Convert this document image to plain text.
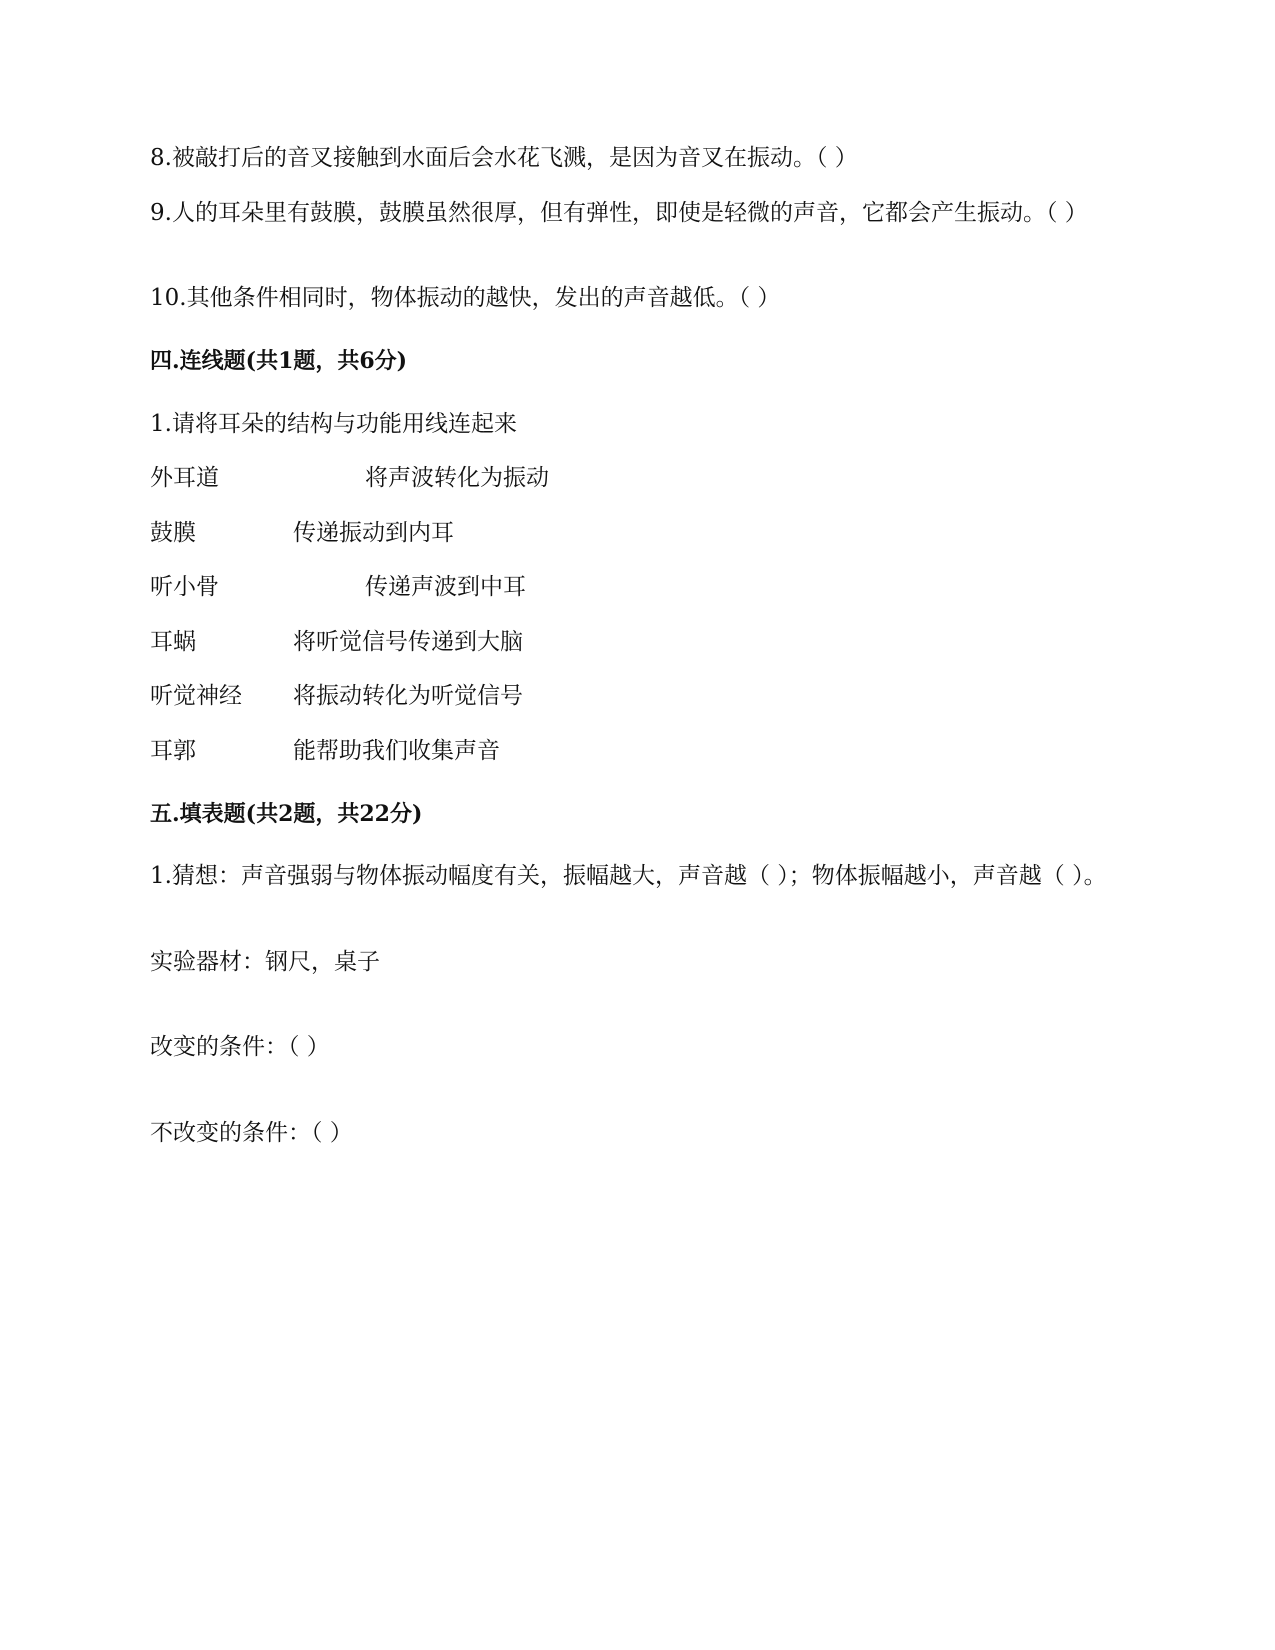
8.被敲打后的音叉接触到水面后会水花飞溅，是因为音叉在振动。（ ）
9.人的耳朵里有鼓膜，鼓膜虽然很厚，但有弹性，即使是轻微的声音，它都会产生振动。（ ）
10.其他条件相同时，物体振动的越快，发出的声音越低。（ ）
四.连线题(共1题，共6分)
1.请将耳朵的结构与功能用线连起来
外耳道	将声波转化为振动
鼓膜	传递振动到内耳
听小骨	传递声波到中耳
耳蜗	将听觉信号传递到大脑
听觉神经 将振动转化为听觉信号
耳郭	能帮助我们收集声音
五.填表题(共2题，共22分)
1.猜想：声音强弱与物体振动幅度有关，振幅越大，声音越（ ）；物体振幅越小，声音越（ ）。
实验器材：钢尺，桌子
改变的条件：（ ）
不改变的条件：（ ）
